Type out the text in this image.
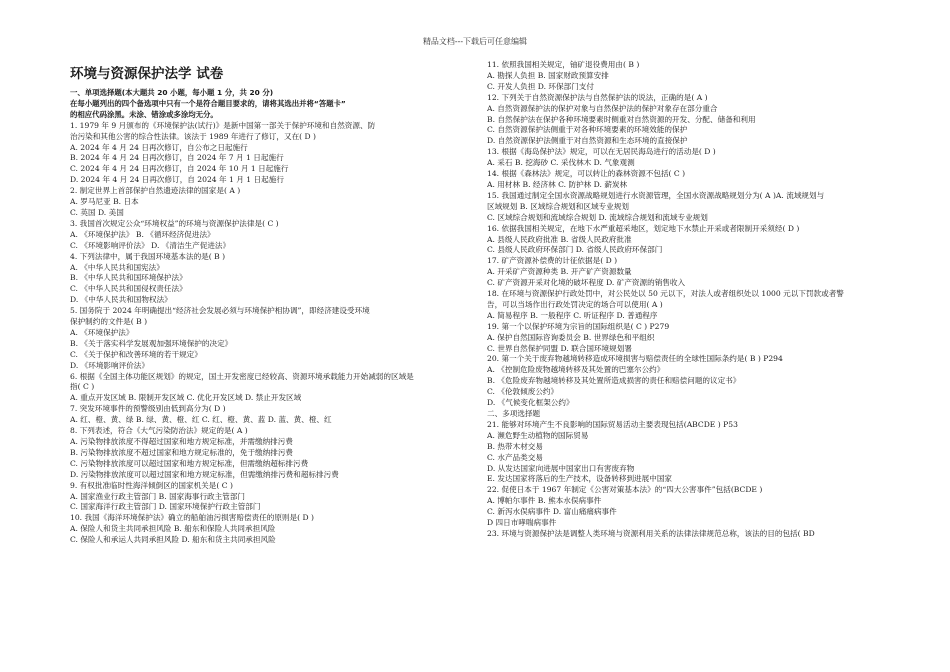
精品文档---下载后可任意编辑
环境与资源保护法学 试卷
一、单项选择题(本大题共 20 小题，每小题 1 分，共 20 分)
在每小题列出的四个备选项中只有一个是符合题目要求的，请将其选出并将“答题卡”
的相应代码涂黑。未涂、错涂或多涂均无分。
1. 1979 年 9 月颁布的《环境保护法(试行)》是新中国第一部关于保护环境和自然资源、防
治污染和其他公害的综合性法律。该法于 1989 年进行了修订，又在( D )
A. 2024 年 4 月 24 日再次修订，自公布之日起施行
B. 2024 年 4 月 24 日再次修订，自 2024 年 7 月 1 日起施行
C. 2024 年 4 月 24 日再次修订，自 2024 年 10 月 1 日起施行
D. 2024 年 4 月 24 日再次修订，自 2024 年 1 月 1 日起施行
2. 制定世界上首部保护自然遗迹法律的国家是( A )
A. 罗马尼亚 B. 日本
C. 英国 D. 美国
3. 我国首次规定公众“环境权益”的环境与资源保护法律是( C )
A. 《环境保护法》 B. 《循环经济促进法》
C. 《环境影响评价法》 D. 《清洁生产促进法》
4. 下列法律中，属于我国环境基本法的是( B )
A. 《中华人民共和国宪法》
B. 《中华人民共和国环境保护法》
C. 《中华人民共和国侵权责任法》
D. 《中华人民共和国物权法》
5. 国务院于 2024 年明确提出“经济社会发展必须与环境保护相协调”，即经济建设受环境
保护制约的文件是( B )
A. 《环境保护法》
B. 《关于落实科学发展观加强环境保护的决定》
C. 《关于保护和改善环境的若干规定》
D. 《环境影响评价法》
6. 根据《全国主体功能区规划》的规定，国土开发密度已经较高、资源环境承载能力开始减弱的区域是
指( C )
A. 重点开发区域 B. 限制开发区域 C. 优化开发区域 D. 禁止开发区域
7. 突发环境事件的预警级别由低到高分为( D )
A. 红、橙、黄、绿 B. 绿、黄、橙、红 C. 红、橙、黄、蓝 D. 蓝、黄、橙、红
8. 下列表述，符合《大气污染防治法》规定的是( A )
A. 污染物排放浓度不得超过国家和地方规定标准，并需缴纳排污费
B. 污染物排放浓度不超过国家和地方规定标准的，免于缴纳排污费
C. 污染物排放浓度可以超过国家和地方规定标准，但需缴纳超标排污费
D. 污染物排放浓度可以超过国家和地方规定标准，但需缴纳排污费和超标排污费
9. 有权批准临时性海洋倾倒区的国家机关是( C )
A. 国家渔业行政主管部门 B. 国家海事行政主管部门
C. 国家海洋行政主管部门 D. 国家环境保护行政主管部门
10. 我国《海洋环境保护法》确立的船舶油污损害赔偿责任的原则是( D )
A. 保险人和货主共同承担风险 B. 船东和保险人共同承担风险
C. 保险人和承运人共同承担风险 D. 船东和货主共同承担风险
11. 依照我国相关规定，铀矿退役费用由( B )
A. 勘探人负担 B. 国家财政预算安排
C. 开发人负担 D. 环保部门支付
12. 下列关于自然资源保护法与自然保护法的说法，正确的是( A )
A. 自然资源保护法的保护对象与自然保护法的保护对象存在部分重合
B. 自然保护法在保护各种环境要素时侧重对自然资源的开发、分配、储备和利用
C. 自然资源保护法侧重于对各种环境要素的环境效能的保护
D. 自然资源保护法侧重于对自然资源和生态环境的直接保护
13. 根据《海岛保护法》规定，可以在无居民海岛进行的活动是( D )
A. 采石 B. 挖海砂 C. 采伐林木 D. 气象观测
14. 根据《森林法》规定，可以转让的森林资源不包括( C )
A. 用材林 B. 经济林 C. 防护林 D. 薪炭林
15. 我国通过制定全国水资源战略规划进行水资源管理，全国水资源战略规划分为( A )A. 流域规划与
区域规划 B. 区域综合规划和区域专业规划
C. 区域综合规划和流域综合规划 D. 流域综合规划和流域专业规划
16. 依据我国相关规定，在地下水严重超采地区，划定地下水禁止开采或者限制开采须经( D )
A. 县级人民政府批准 B. 省级人民政府批准
C. 县级人民政府环保部门 D. 省级人民政府环保部门
17. 矿产资源补偿费的计征依据是( D )
A. 开采矿产资源种类 B. 开产矿产资源数量
C. 矿产资源开采对化境的破坏程度 D. 矿产资源的销售收入
18. 在环境与资源保护行政处罚中，对公民处以 50 元以下，对法人或者组织处以 1000 元以下罚款或者警
告，可以当场作出行政处罚决定的场合可以使用( A )
A. 简易程序 B. 一般程序 C. 听证程序 D. 普通程序
19. 第一个以保护环境为宗旨的国际组织是( C ) P279
A. 保护自然国际咨询委员会 B. 世界绿色和平组织
C. 世界自然保护同盟 D. 联合国环境规划署
20. 第一个关于废弃物越境转移造成环境损害与赔偿责任的全球性国际条约是( B ) P294
A. 《控制危险废物越境转移及其处置的巴塞尔公约》
B. 《危险废弃物越境转移及其处置所造成损害的责任和赔偿问题的议定书》
C. 《伦敦倾废公约》
D. 《气候变化框架公约》
二、多项选择题
21. 能够对环境产生不良影响的国际贸易活动主要表现包括(ABCDE ) P53
A. 濒危野生动植物的国际贸易
B. 热带木材交易
C. 水产品类交易
D. 从发达国家向进展中国家出口有害废弃物
E. 发达国家将落后的生产技术，设备转移到进展中国家
22. 促使日本于 1967 年制定《公害对策基本法》的“四大公害事件”包括(BCDE )
A. 博帕尔事件 B. 熊本水俣病事件
C. 新泻水俣病事件 D. 富山痛痛病事件
D 四日市哮喘病事件
23. 环境与资源保护法是调整人类环境与资源利用关系的法律法律规范总称，该法的目的包括( BD
